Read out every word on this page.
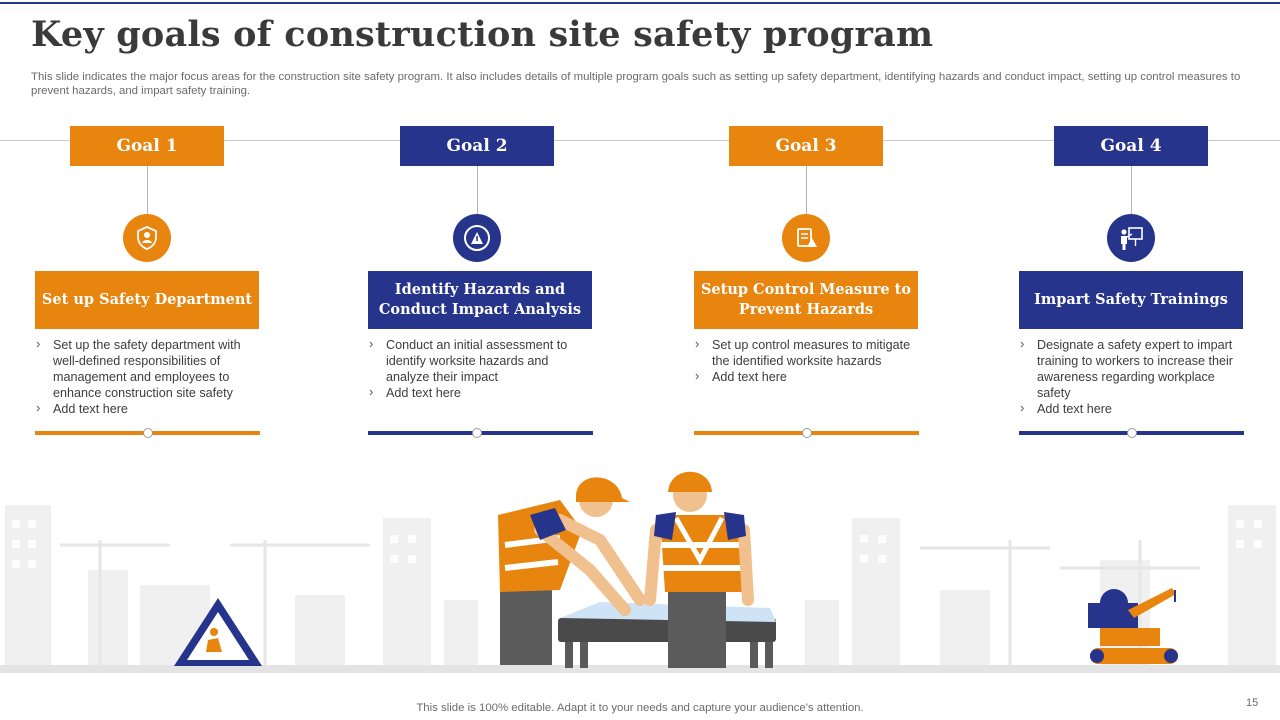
Key goals of construction site safety program

This slide indicates the major focus areas for the construction site safety program. It also includes details of multiple program goals such as setting up safety department, identifying hazards and conduct impact, setting up control measures to prevent hazards, and impart safety training.

Goal 1
Set up Safety Department
› Set up the safety department with well-defined responsibilities of management and employees to enhance construction site safety
› Add text here
Goal 2
Identify Hazards and Conduct Impact Analysis
› Conduct an initial assessment to identify worksite hazards and analyze their impact
› Add text here
Goal 3
Setup Control Measure to Prevent Hazards
› Set up control measures to mitigate the identified worksite hazards
› Add text here
Goal 4
Impart Safety Trainings
› Designate a safety expert to impart training to workers to increase their awareness regarding workplace safety
› Add text here
This slide is 100% editable. Adapt it to your needs and capture your audience's attention.	15
